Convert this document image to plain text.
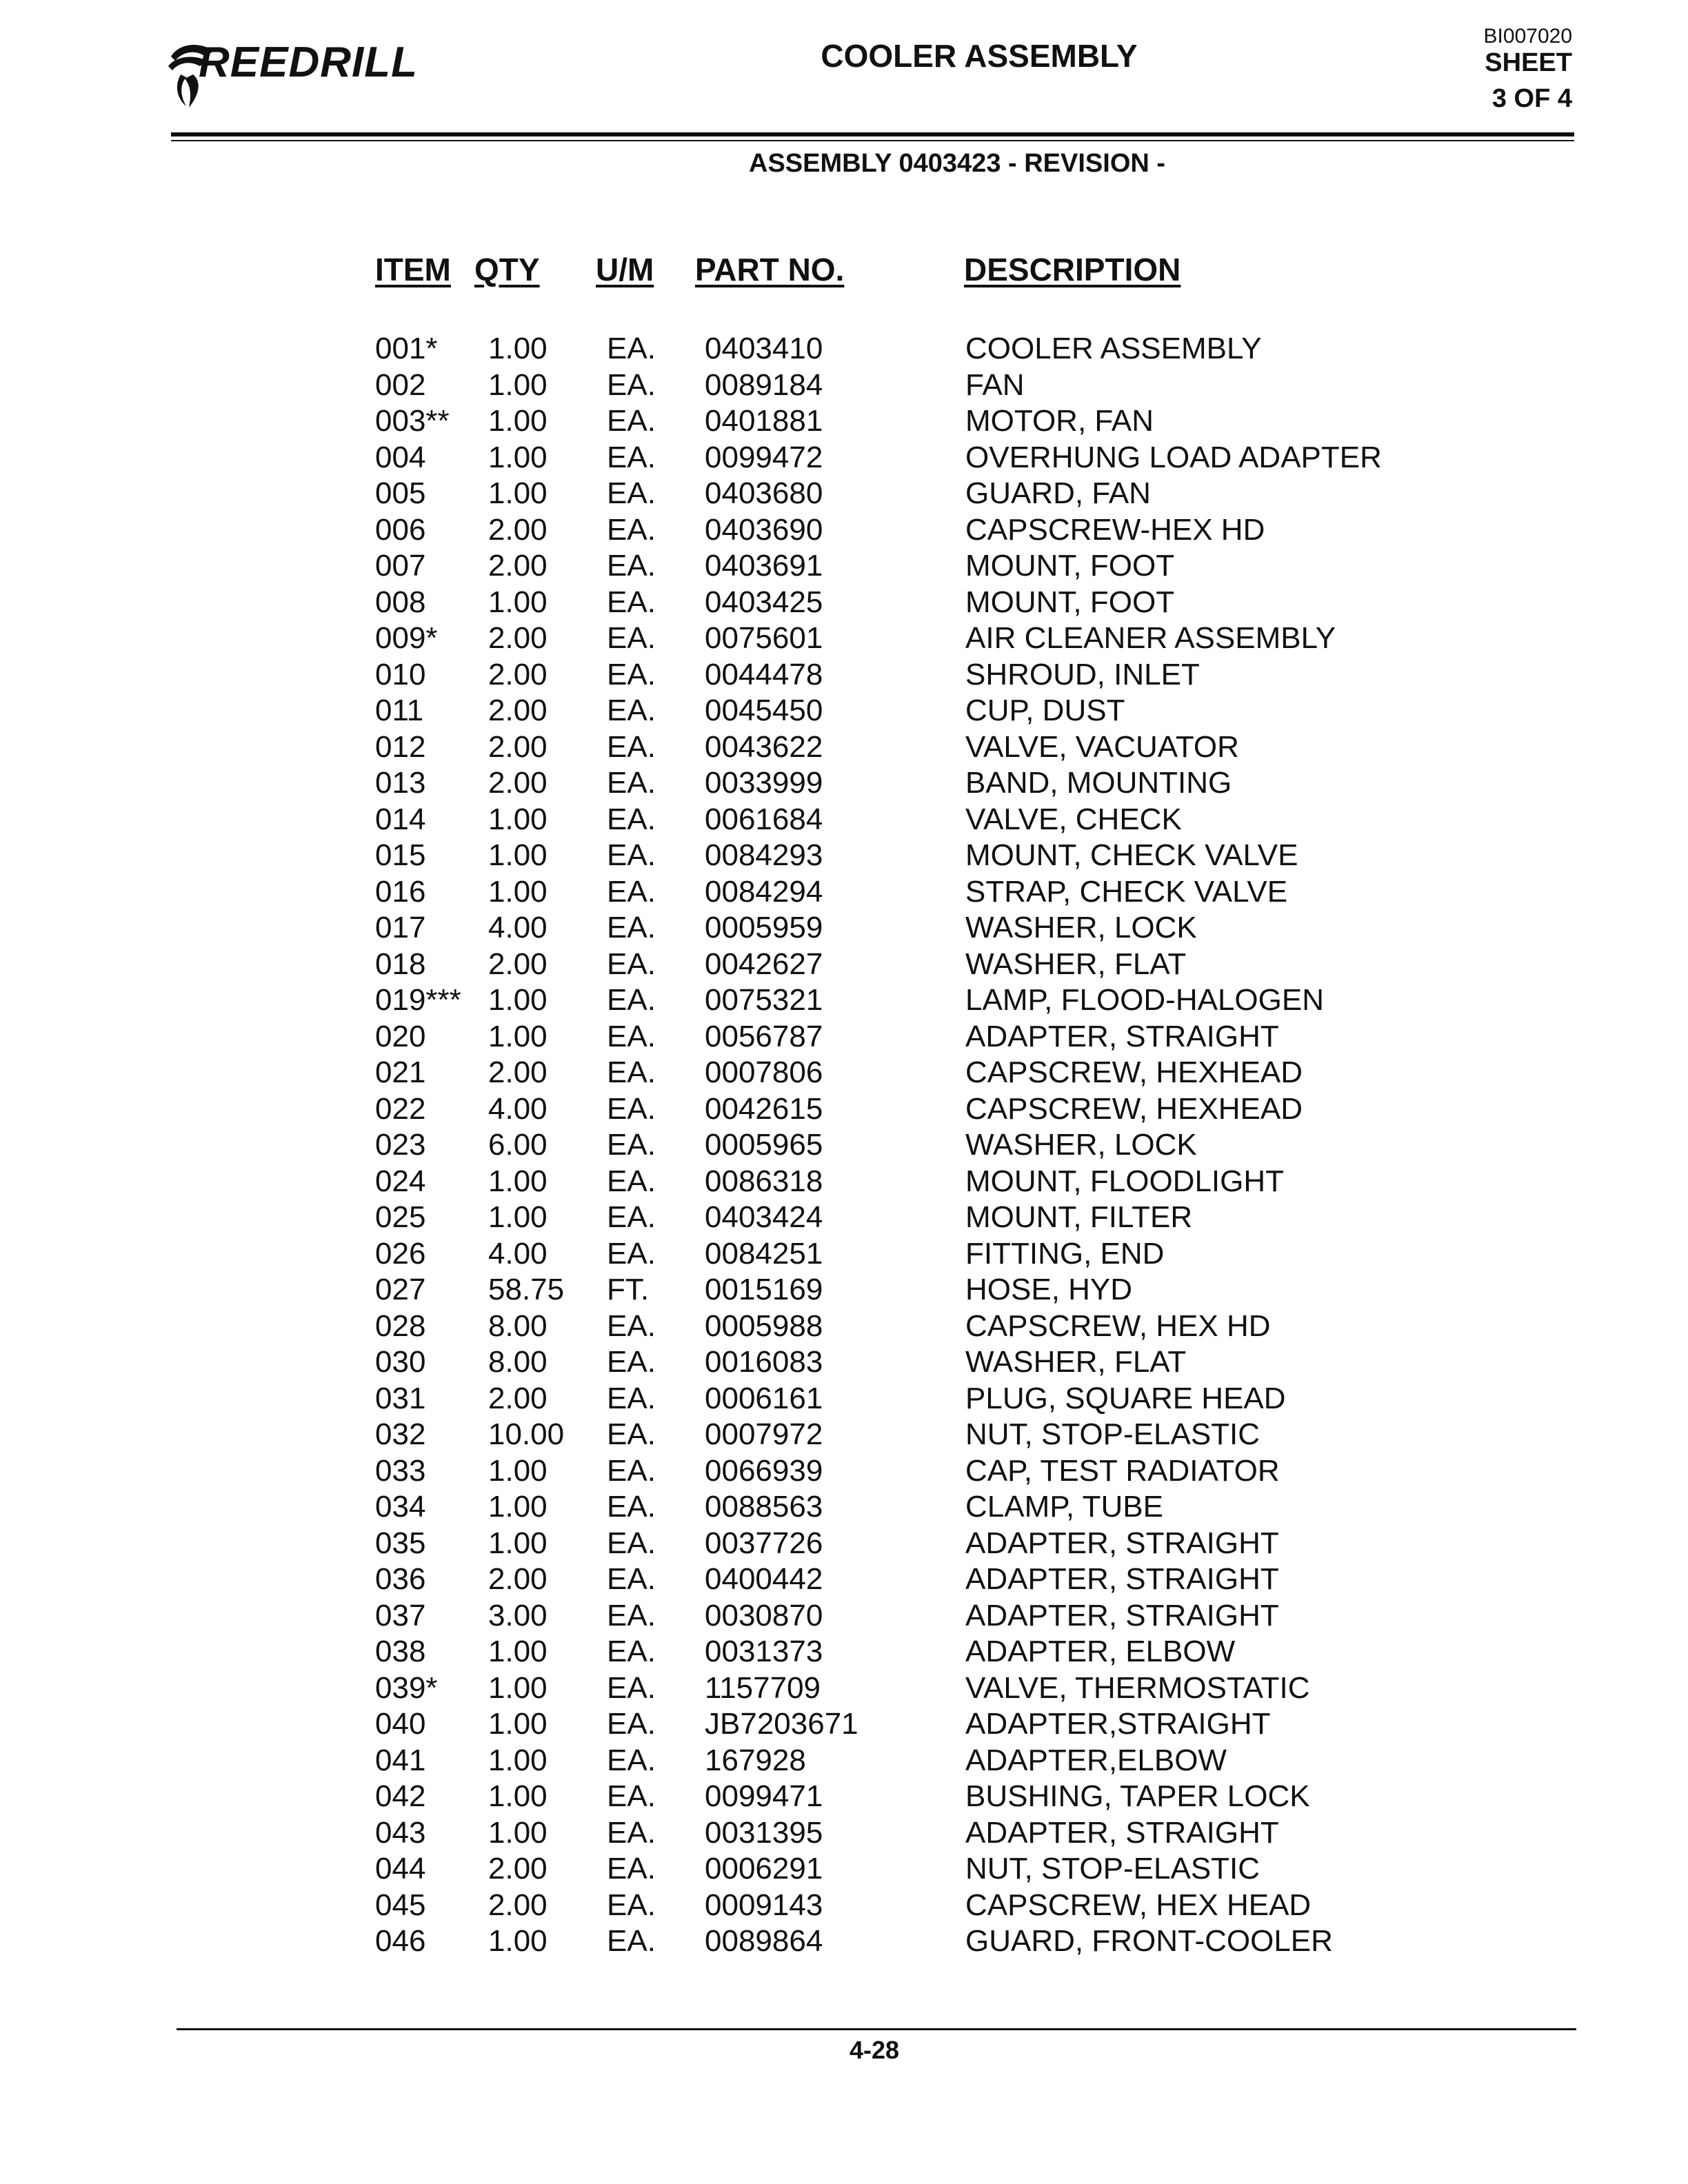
REEDRILL	COOLER ASSEMBLY
BI007020
SHEET
3 OF 4
ASSEMBLY 0403423 - REVISION -
ITEM QTY U/M PART NO.	DESCRIPTION
001* 1.00 EA. 0403410	COOLER ASSEMBLY
002 1.00 EA. 0089184	FAN
003** 1.00 EA. 0401881	MOTOR, FAN
004 1.00 EA. 0099472	OVERHUNG LOAD ADAPTER
005 1.00 EA. 0403680	GUARD, FAN
006 2.00 EA. 0403690	CAPSCREW-HEX HD
007 2.00 EA. 0403691	MOUNT, FOOT
008 1.00 EA. 0403425	MOUNT, FOOT
009* 2.00 EA. 0075601	AIR CLEANER ASSEMBLY
010 2.00 EA. 0044478	SHROUD, INLET
011 2.00 EA. 0045450	CUP, DUST
012 2.00 EA. 0043622	VALVE, VACUATOR
013 2.00 EA. 0033999	BAND, MOUNTING
014 1.00 EA. 0061684	VALVE, CHECK
015 1.00 EA. 0084293	MOUNT, CHECK VALVE
016 1.00 EA. 0084294	STRAP, CHECK VALVE
017 4.00 EA. 0005959	WASHER, LOCK
018 2.00 EA. 0042627	WASHER, FLAT
019*** 1.00 EA. 0075321	LAMP, FLOOD-HALOGEN
020 1.00 EA. 0056787	ADAPTER, STRAIGHT
021 2.00 EA. 0007806	CAPSCREW, HEXHEAD
022 4.00 EA. 0042615	CAPSCREW, HEXHEAD
023 6.00 EA. 0005965	WASHER, LOCK
024 1.00 EA. 0086318	MOUNT, FLOODLIGHT
025 1.00 EA. 0403424	MOUNT, FILTER
026 4.00 EA. 0084251	FITTING, END
027 58.75 FT. 0015169	HOSE, HYD
028 8.00 EA. 0005988	CAPSCREW, HEX HD
030 8.00 EA. 0016083	WASHER, FLAT
031 2.00 EA. 0006161	PLUG, SQUARE HEAD
032 10.00 EA. 0007972	NUT, STOP-ELASTIC
033 1.00 EA. 0066939	CAP, TEST RADIATOR
034 1.00 EA. 0088563	CLAMP, TUBE
035 1.00 EA. 0037726	ADAPTER, STRAIGHT
036 2.00 EA. 0400442	ADAPTER, STRAIGHT
037 3.00 EA. 0030870	ADAPTER, STRAIGHT
038 1.00 EA. 0031373	ADAPTER, ELBOW
039* 1.00 EA. 1157709	VALVE, THERMOSTATIC
040 1.00 EA. JB7203671	ADAPTER,STRAIGHT
041 1.00 EA. 167928	ADAPTER,ELBOW
042 1.00 EA. 0099471	BUSHING, TAPER LOCK
043 1.00 EA. 0031395	ADAPTER, STRAIGHT
044 2.00 EA. 0006291	NUT, STOP-ELASTIC
045 2.00 EA. 0009143	CAPSCREW, HEX HEAD
046 1.00 EA. 0089864	GUARD, FRONT-COOLER
4-28
